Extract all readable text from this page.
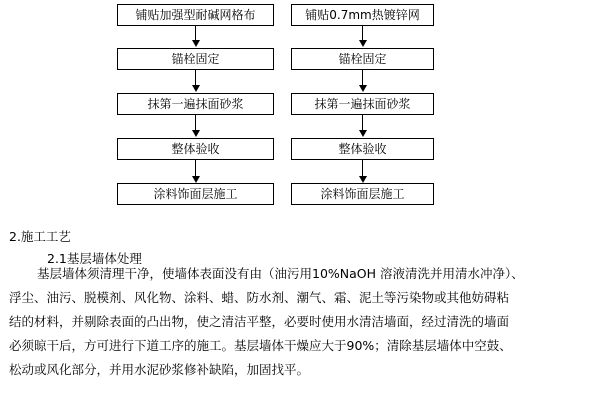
铺贴加强型耐碱网格布
锚栓固定
抹第一遍抹面砂浆
整体验收
涂料饰面层施工
铺贴0.7mm热镀锌网
锚栓固定
抹第一遍抹面砂浆
整体验收
涂料饰面层施工
2.施工工艺
2.1基层墙体处理
基层墙体须清理干净，使墙体表面没有由（油污用10%NaOH 溶液清洗并用清水冲净）、
浮尘、油污、脱模剂、风化物、涂料、蜡、防水剂、潮气、霜、泥土等污染物或其他妨碍粘
结的材料，并剔除表面的凸出物，使之清洁平整，必要时使用水清洁墙面，经过清洗的墙面
必须晾干后，方可进行下道工序的施工。基层墙体干燥应大于90%；清除基层墙体中空鼓、
松动或风化部分，并用水泥砂浆修补缺陷，加固找平。
